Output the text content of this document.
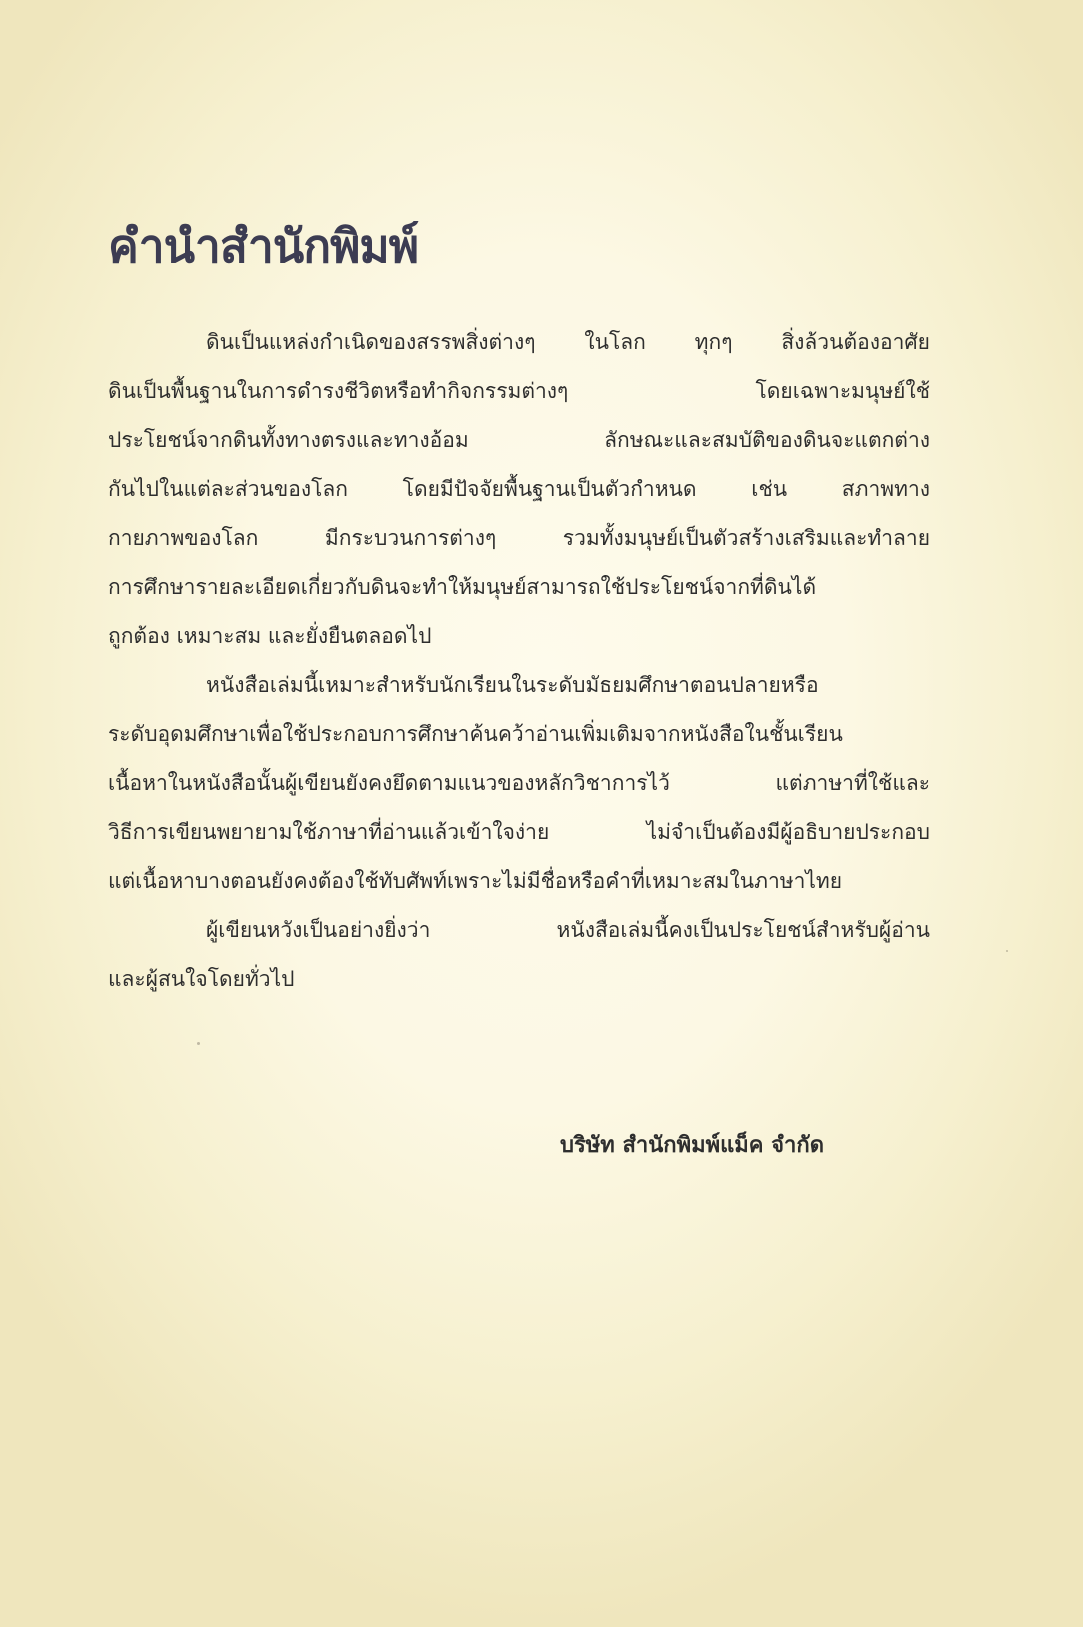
คำนำสำนักพิมพ์
ดินเป็นแหล่งกำเนิดของสรรพสิ่งต่างๆ ในโลก ทุกๆ สิ่งล้วนต้องอาศัย
ดินเป็นพื้นฐานในการดำรงชีวิตหรือทำกิจกรรมต่างๆ โดยเฉพาะมนุษย์ใช้
ประโยชน์จากดินทั้งทางตรงและทางอ้อม ลักษณะและสมบัติของดินจะแตกต่าง
กันไปในแต่ละส่วนของโลก โดยมีปัจจัยพื้นฐานเป็นตัวกำหนด เช่น สภาพทาง
กายภาพของโลก มีกระบวนการต่างๆ รวมทั้งมนุษย์เป็นตัวสร้างเสริมและทำลาย
การศึกษารายละเอียดเกี่ยวกับดินจะทำให้มนุษย์สามารถใช้ประโยชน์จากที่ดินได้
ถูกต้อง เหมาะสม และยั่งยืนตลอดไป
หนังสือเล่มนี้เหมาะสำหรับนักเรียนในระดับมัธยมศึกษาตอนปลายหรือ
ระดับอุดมศึกษาเพื่อใช้ประกอบการศึกษาค้นคว้าอ่านเพิ่มเติมจากหนังสือในชั้นเรียน
เนื้อหาในหนังสือนั้นผู้เขียนยังคงยึดตามแนวของหลักวิชาการไว้ แต่ภาษาที่ใช้และ
วิธีการเขียนพยายามใช้ภาษาที่อ่านแล้วเข้าใจง่าย ไม่จำเป็นต้องมีผู้อธิบายประกอบ
แต่เนื้อหาบางตอนยังคงต้องใช้ทับศัพท์เพราะไม่มีชื่อหรือคำที่เหมาะสมในภาษาไทย
ผู้เขียนหวังเป็นอย่างยิ่งว่า หนังสือเล่มนี้คงเป็นประโยชน์สำหรับผู้อ่าน
และผู้สนใจโดยทั่วไป
บริษัท สำนักพิมพ์แม็ค จำกัด
